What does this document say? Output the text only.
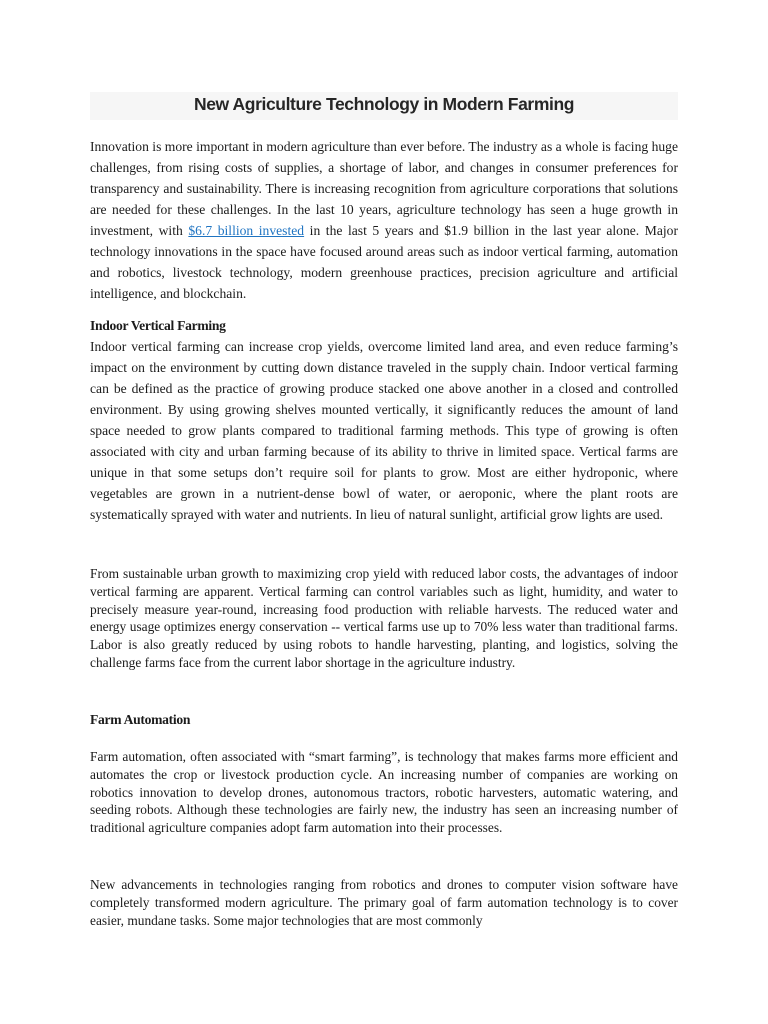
New Agriculture Technology in Modern Farming

Innovation is more important in modern agriculture than ever before. The industry as a whole is facing huge challenges, from rising costs of supplies, a shortage of labor, and changes in consumer preferences for transparency and sustainability. There is increasing recognition from agriculture corporations that solutions are needed for these challenges. In the last 10 years, agriculture technology has seen a huge growth in investment, with $6.7 billion invested in the last 5 years and $1.9 billion in the last year alone. Major technology innovations in the space have focused around areas such as indoor vertical farming, automation and robotics, livestock technology, modern greenhouse practices, precision agriculture and artificial intelligence, and blockchain.

Indoor Vertical Farming

Indoor vertical farming can increase crop yields, overcome limited land area, and even reduce farming’s impact on the environment by cutting down distance traveled in the supply chain. Indoor vertical farming can be defined as the practice of growing produce stacked one above another in a closed and controlled environment. By using growing shelves mounted vertically, it significantly reduces the amount of land space needed to grow plants compared to traditional farming methods. This type of growing is often associated with city and urban farming because of its ability to thrive in limited space. Vertical farms are unique in that some setups don’t require soil for plants to grow. Most are either hydroponic, where vegetables are grown in a nutrient-dense bowl of water, or aeroponic, where the plant roots are systematically sprayed with water and nutrients. In lieu of natural sunlight, artificial grow lights are used.

From sustainable urban growth to maximizing crop yield with reduced labor costs, the advantages of indoor vertical farming are apparent. Vertical farming can control variables such as light, humidity, and water to precisely measure year-round, increasing food production with reliable harvests. The reduced water and energy usage optimizes energy conservation -- vertical farms use up to 70% less water than traditional farms. Labor is also greatly reduced by using robots to handle harvesting, planting, and logistics, solving the challenge farms face from the current labor shortage in the agriculture industry.

Farm Automation

Farm automation, often associated with “smart farming”, is technology that makes farms more efficient and automates the crop or livestock production cycle. An increasing number of companies are working on robotics innovation to develop drones, autonomous tractors, robotic harvesters, automatic watering, and seeding robots. Although these technologies are fairly new, the industry has seen an increasing number of traditional agriculture companies adopt farm automation into their processes.

New advancements in technologies ranging from robotics and drones to computer vision software have completely transformed modern agriculture. The primary goal of farm automation technology is to cover easier, mundane tasks. Some major technologies that are most commonly
